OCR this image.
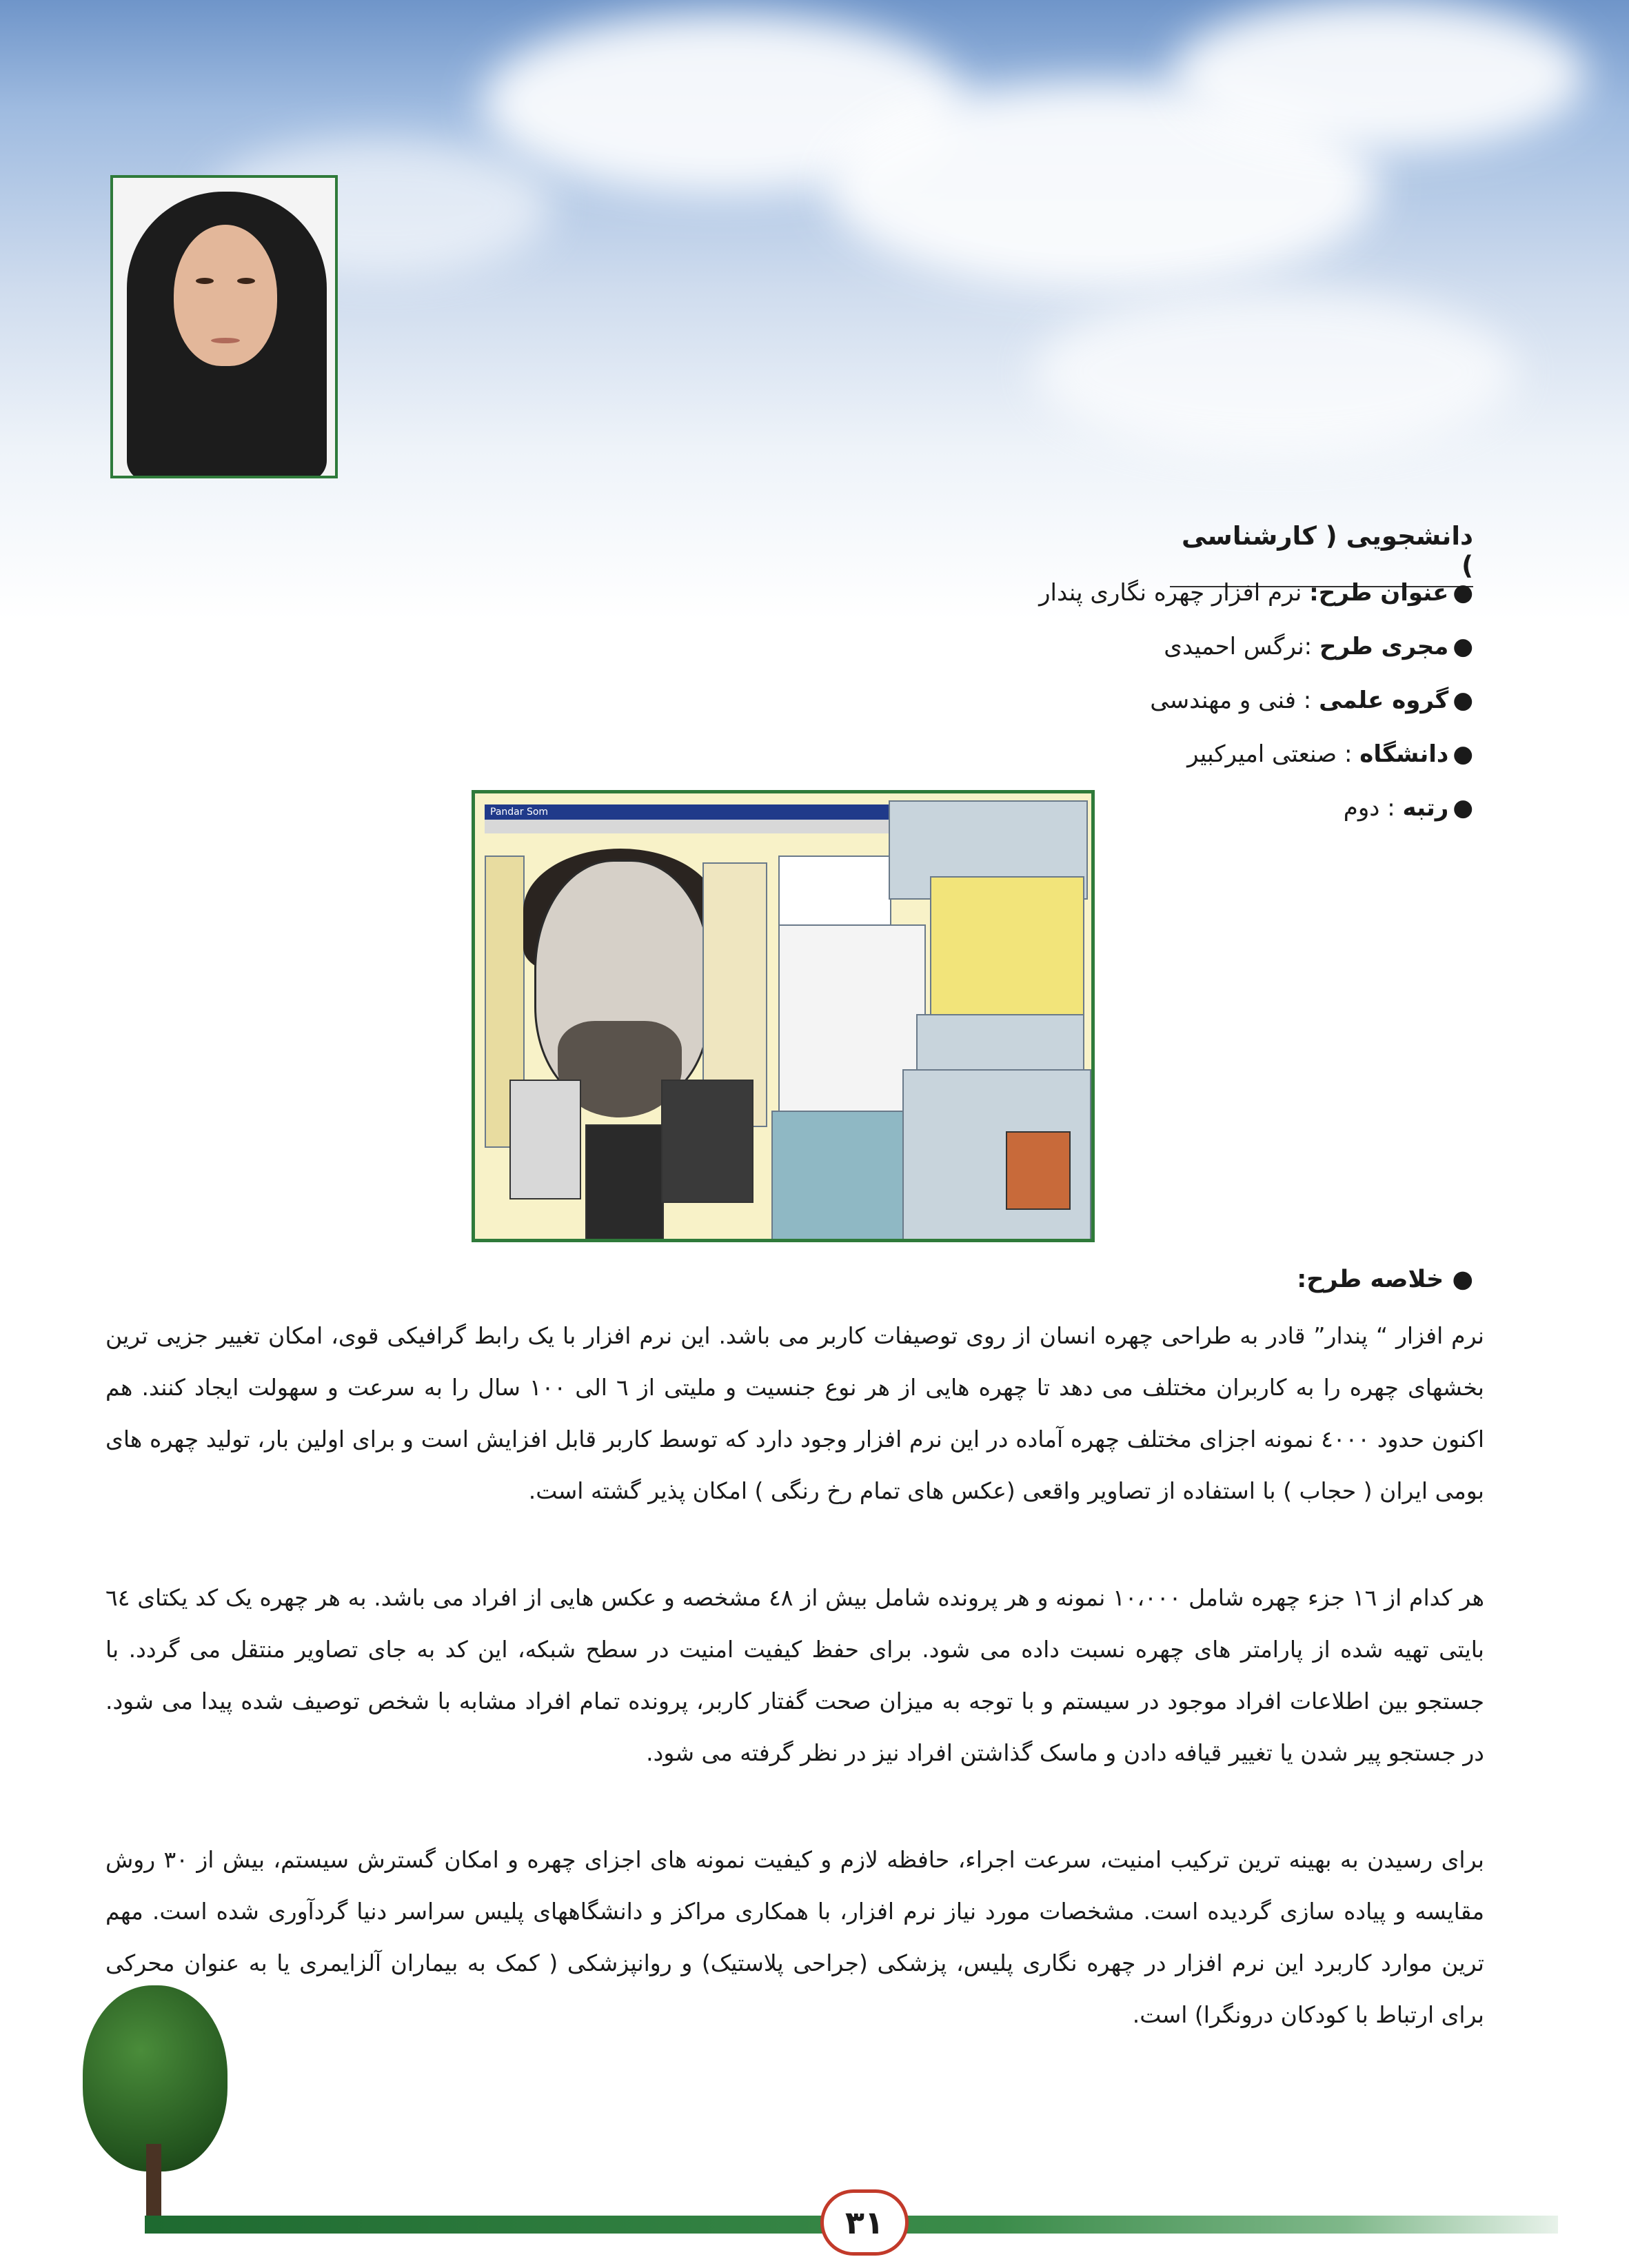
دانشجویی ( کارشناسی )
●عنوان طرح: نرم افزار چهره نگاری پندار
●مجری طرح :نرگس احمیدی
●گروه علمی : فنی و مهندسی
●دانشگاه : صنعتی امیرکبیر
●رتبه : دوم
Pandar Som
● خلاصه طرح:
نرم افزار “ پندار” قادر به طراحی چهره انسان از روی توصیفات کاربر می باشد. این نرم افزار با یک رابط گرافیکی قوی، امکان تغییر جزیی ترین بخشهای چهره را به کاربران مختلف می دهد تا چهره هایی از هر نوع جنسیت و ملیتی از ٦ الی ١٠٠ سال را به سرعت و سهولت ایجاد کنند. هم اکنون حدود ٤٠٠٠ نمونه اجزای مختلف چهره آماده در این نرم افزار وجود دارد که توسط کاربر قابل افزایش است و برای اولین بار، تولید چهره های بومی ایران ( حجاب ) با استفاده از تصاویر واقعی (عکس های تمام رخ رنگی ) امکان پذیر گشته است.
هر کدام از ١٦ جزء چهره شامل ١٠،٠٠٠ نمونه و هر پرونده شامل بیش از ٤٨ مشخصه و عکس هایی از افراد می باشد. به هر چهره یک کد یکتای ٦٤ بایتی تهیه شده از پارامتر های چهره نسبت داده می شود. برای حفظ کیفیت امنیت در سطح شبکه، این کد به جای تصاویر منتقل می گردد. با جستجو بین اطلاعات افراد موجود در سیستم و با توجه به میزان صحت گفتار کاربر، پرونده تمام افراد مشابه با شخص توصیف شده پیدا می شود. در جستجو پیر شدن یا تغییر قیافه دادن و ماسک گذاشتن افراد نیز در نظر گرفته می شود.
برای رسیدن به بهینه ترین ترکیب امنیت، سرعت اجراء، حافظه لازم و کیفیت نمونه های اجزای چهره و امکان گسترش سیستم، بیش از ٣٠ روش مقایسه و پیاده سازی گردیده است. مشخصات مورد نیاز نرم افزار، با همکاری مراکز و دانشگاههای پلیس سراسر دنیا گردآوری شده است. مهم ترین موارد کاربرد این نرم افزار در چهره نگاری پلیس، پزشکی (جراحی پلاستیک) و روانپزشکی ( کمک به بیماران آلزایمری یا به عنوان محرکی برای ارتباط با کودکان درونگرا) است.
٣١
